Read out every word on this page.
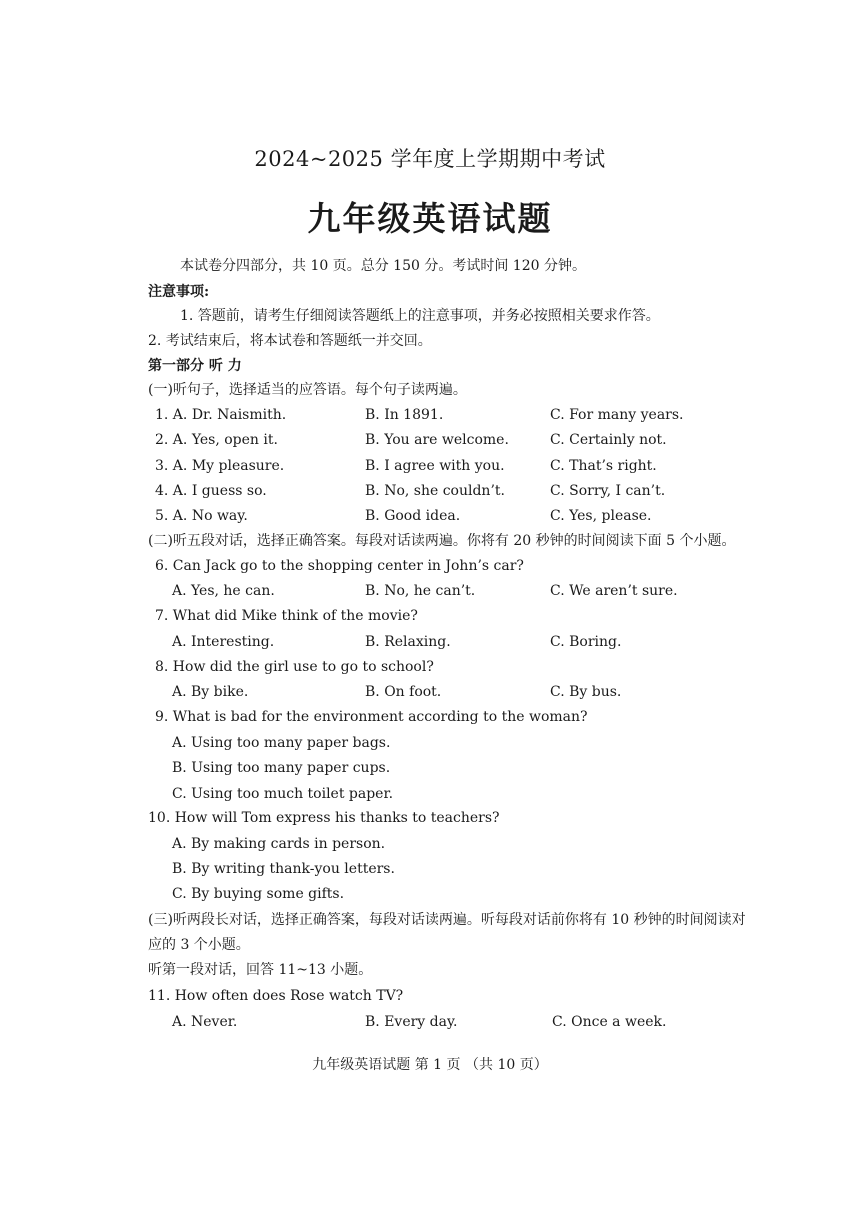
2024~2025 学年度上学期期中考试
九年级英语试题
本试卷分四部分，共 10 页。总分 150 分。考试时间 120 分钟。
注意事项:
1. 答题前，请考生仔细阅读答题纸上的注意事项，并务必按照相关要求作答。
2. 考试结束后，将本试卷和答题纸一并交回。
第一部分 听 力
(一)听句子，选择适当的应答语。每个句子读两遍。
1. A. Dr. Naismith.	B. In 1891.	C. For many years.
2. A. Yes, open it.	B. You are welcome.	C. Certainly not.
3. A. My pleasure.	B. I agree with you.	C. That’s right.
4. A. I guess so.	B. No, she couldn’t.	C. Sorry, I can’t.
5. A. No way.	B. Good idea.	C. Yes, please.
(二)听五段对话，选择正确答案。每段对话读两遍。你将有 20 秒钟的时间阅读下面 5 个小题。
6. Can Jack go to the shopping center in John’s car?
A. Yes, he can.	B. No, he can’t.	C. We aren’t sure.
7. What did Mike think of the movie?
A. Interesting.	B. Relaxing.	C. Boring.
8. How did the girl use to go to school?
A. By bike.	B. On foot.	C. By bus.
9. What is bad for the environment according to the woman?
A. Using too many paper bags.
B. Using too many paper cups.
C. Using too much toilet paper.
10. How will Tom express his thanks to teachers?
A. By making cards in person.
B. By writing thank-you letters.
C. By buying some gifts.
(三)听两段长对话，选择正确答案，每段对话读两遍。听每段对话前你将有 10 秒钟的时间阅读对
应的 3 个小题。
听第一段对话，回答 11~13 小题。
11. How often does Rose watch TV?
A. Never.	B. Every day.	C. Once a week.
九年级英语试题 第 1 页 （共 10 页）
